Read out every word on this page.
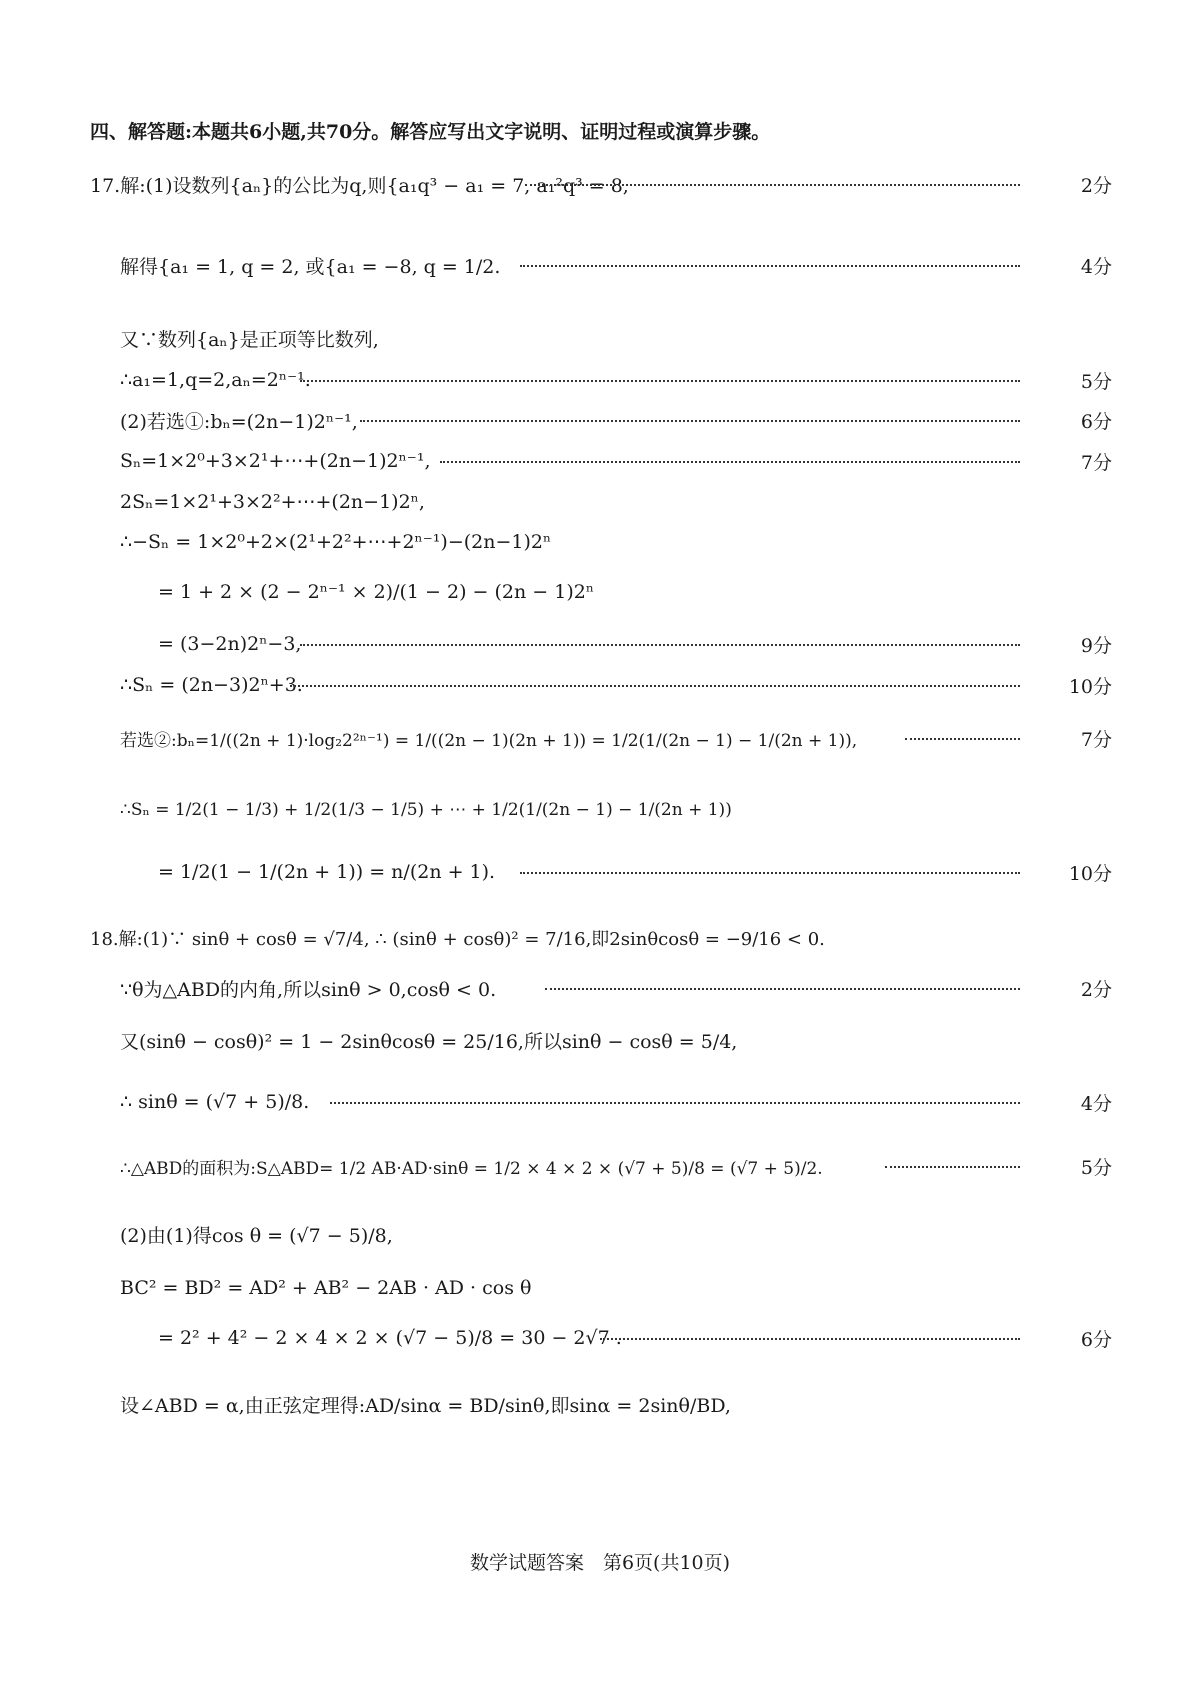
四、解答题:本题共6小题,共70分。解答应写出文字说明、证明过程或演算步骤。
17.解:(1)设数列{aₙ}的公比为q,则{a₁q³ − a₁ = 7, a₁²q³ = 8,	2分
解得{a₁ = 1, q = 2, 或{a₁ = −8, q = 1/2.	4分
又∵数列{aₙ}是正项等比数列,
∴a₁=1,q=2,aₙ=2ⁿ⁻¹.	5分
(2)若选①:bₙ=(2n−1)2ⁿ⁻¹,	6分
Sₙ=1×2⁰+3×2¹+⋯+(2n−1)2ⁿ⁻¹,	7分
2Sₙ=1×2¹+3×2²+⋯+(2n−1)2ⁿ,
∴−Sₙ = 1×2⁰+2×(2¹+2²+⋯+2ⁿ⁻¹)−(2n−1)2ⁿ
= 1 + 2 × (2 − 2ⁿ⁻¹ × 2)/(1 − 2) − (2n − 1)2ⁿ
= (3−2n)2ⁿ−3,	9分
∴Sₙ = (2n−3)2ⁿ+3.	10分
若选②:bₙ=1/((2n + 1)·log₂2²ⁿ⁻¹) = 1/((2n − 1)(2n + 1)) = 1/2(1/(2n − 1) − 1/(2n + 1)),	7分
∴Sₙ = 1/2(1 − 1/3) + 1/2(1/3 − 1/5) + ⋯ + 1/2(1/(2n − 1) − 1/(2n + 1))
= 1/2(1 − 1/(2n + 1)) = n/(2n + 1).	10分
18.解:(1)∵ sinθ + cosθ = √7/4, ∴ (sinθ + cosθ)² = 7/16,即2sinθcosθ = −9/16 < 0.
∵θ为△ABD的内角,所以sinθ > 0,cosθ < 0.	2分
又(sinθ − cosθ)² = 1 − 2sinθcosθ = 25/16,所以sinθ − cosθ = 5/4,
∴ sinθ = (√7 + 5)/8.	4分
∴△ABD的面积为:S△ABD= 1/2 AB·AD·sinθ = 1/2 × 4 × 2 × (√7 + 5)/8 = (√7 + 5)/2.	5分
(2)由(1)得cos θ = (√7 − 5)/8,
BC² = BD² = AD² + AB² − 2AB · AD · cos θ
= 2² + 4² − 2 × 4 × 2 × (√7 − 5)/8 = 30 − 2√7 .	6分
设∠ABD = α,由正弦定理得:AD/sinα = BD/sinθ,即sinα = 2sinθ/BD,
数学试题答案　第6页(共10页)
